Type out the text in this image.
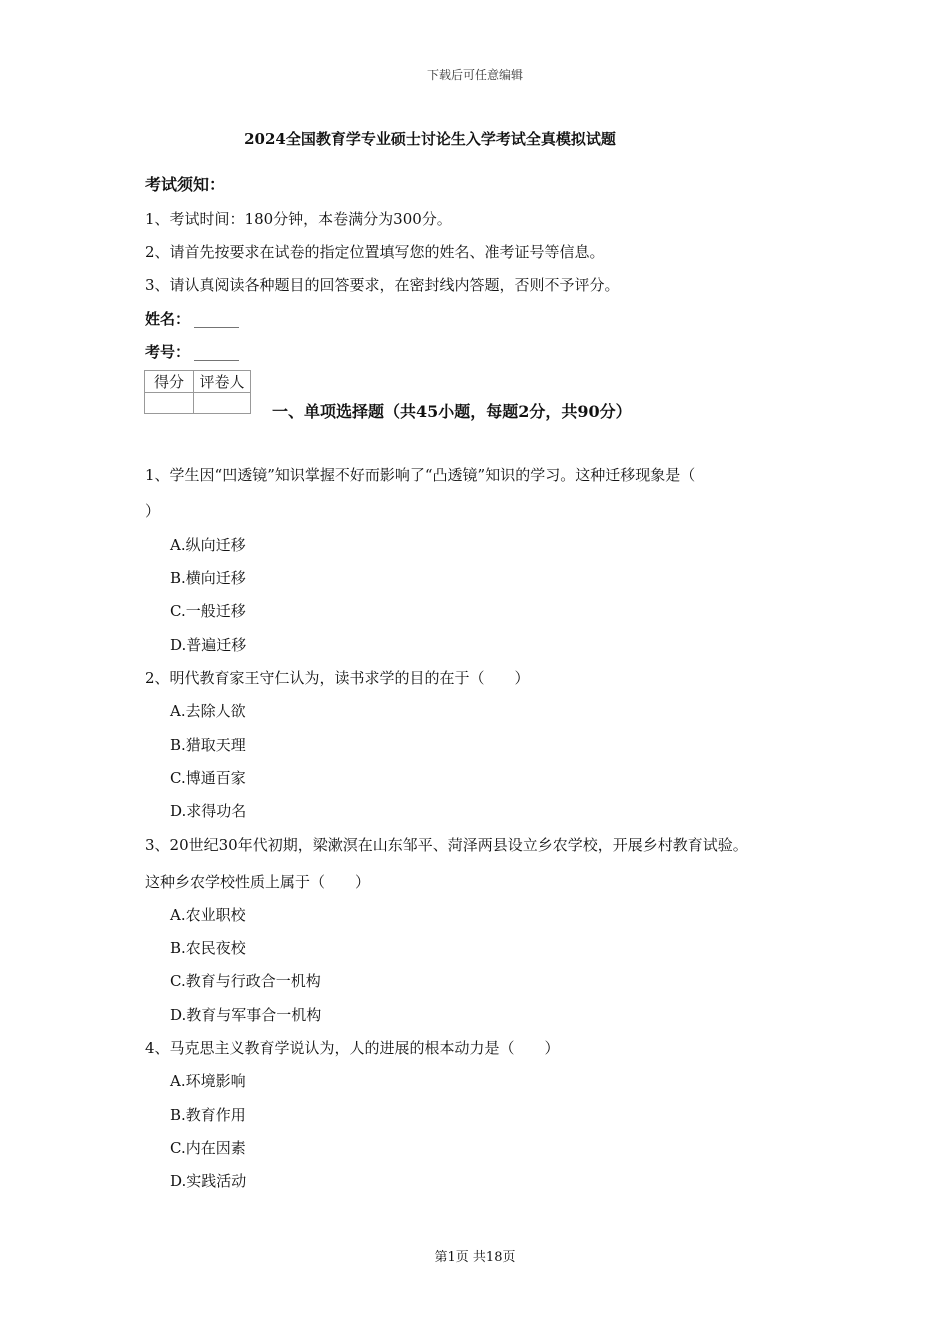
下载后可任意编辑
2024全国教育学专业硕士讨论生入学考试全真模拟试题
考试须知：
1、考试时间：180分钟，本卷满分为300分。
2、请首先按要求在试卷的指定位置填写您的姓名、准考证号等信息。
3、请认真阅读各种题目的回答要求，在密封线内答题，否则不予评分。
姓名： ______
考号： ______
得分	评卷人

一、单项选择题（共45小题，每题2分，共90分）
1、学生因“凹透镜”知识掌握不好而影响了“凸透镜”知识的学习。这种迁移现象是（
）
A.纵向迁移
B.横向迁移
C.一般迁移
D.普遍迁移
2、明代教育家王守仁认为，读书求学的目的在于（　　）
A.去除人欲
B.猎取天理
C.博通百家
D.求得功名
3、20世纪30年代初期，梁漱溟在山东邹平、菏泽两县设立乡农学校，开展乡村教育试验。
这种乡农学校性质上属于（　　）
A.农业职校
B.农民夜校
C.教育与行政合一机构
D.教育与军事合一机构
4、马克思主义教育学说认为，人的进展的根本动力是（　　）
A.环境影响
B.教育作用
C.内在因素
D.实践活动
第1页 共18页
